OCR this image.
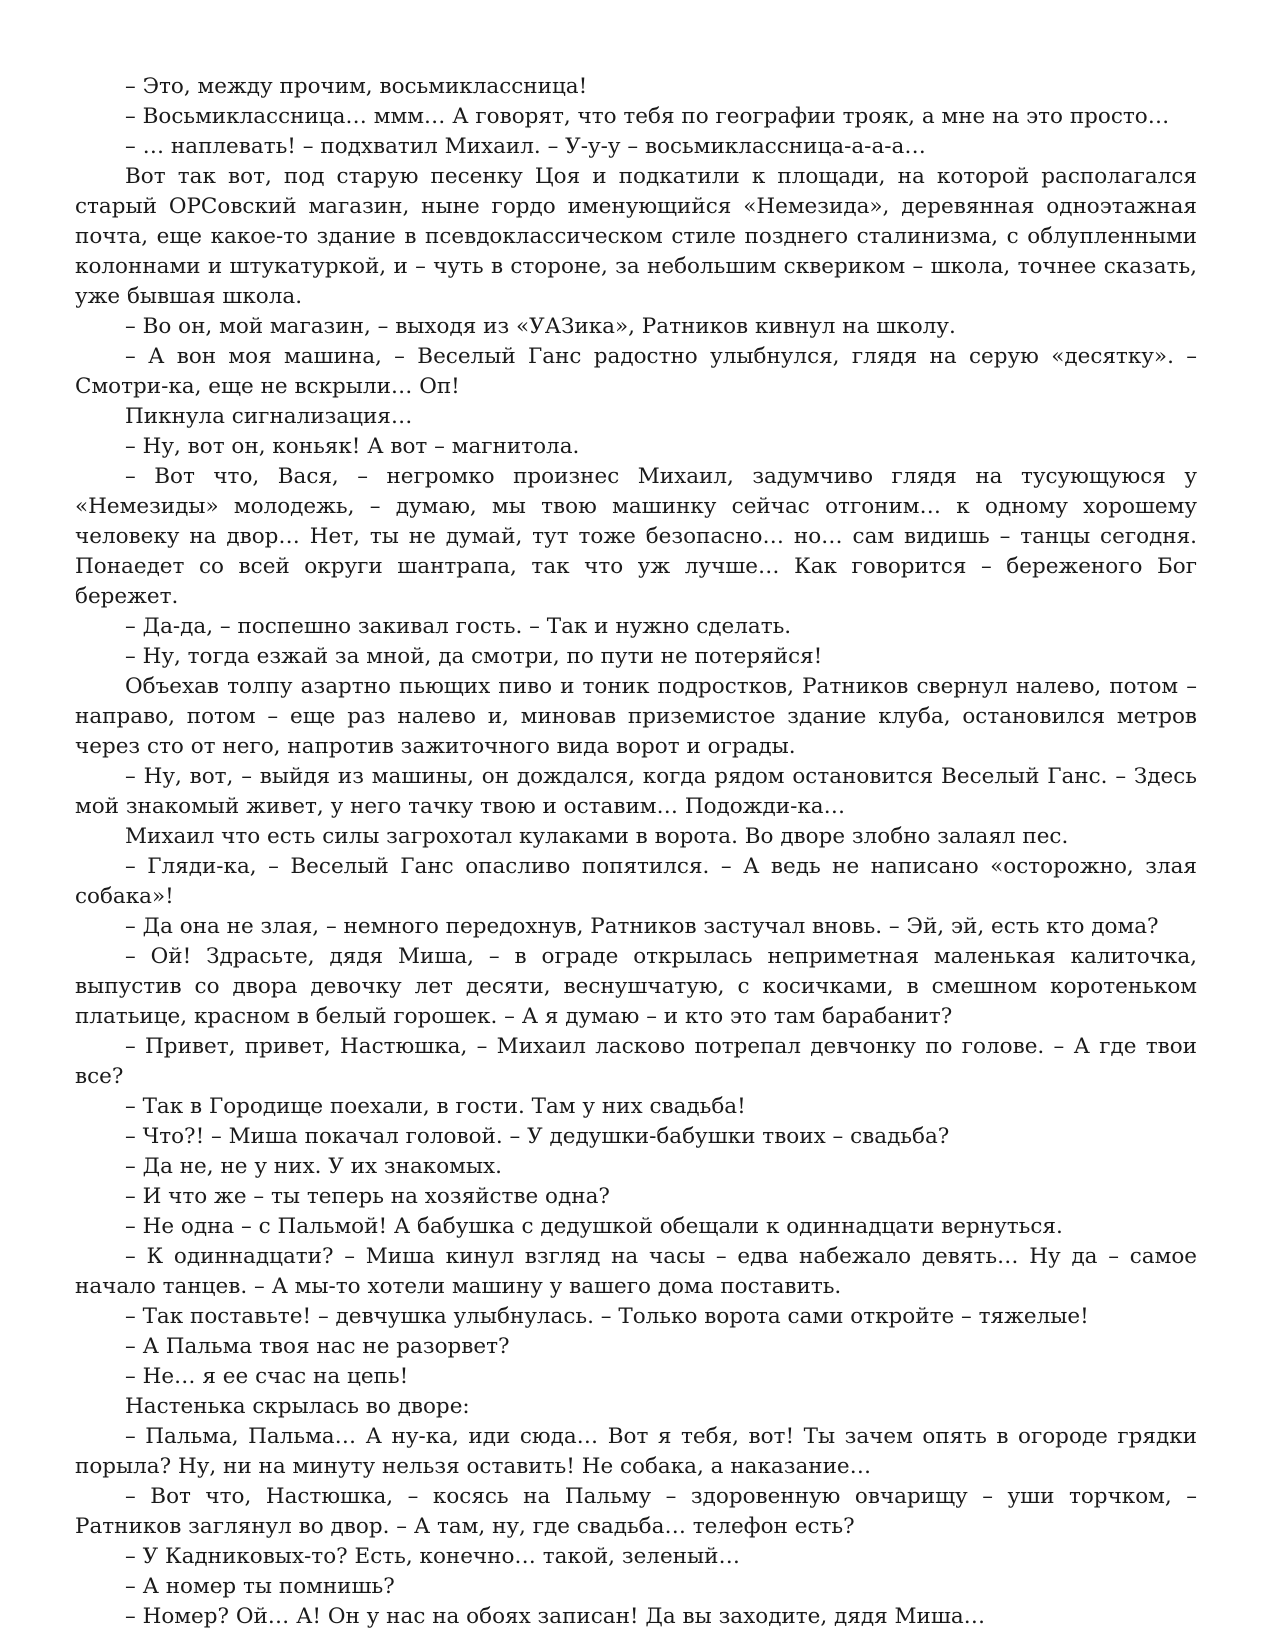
– Это, между прочим, восьмиклассница!

– Восьмиклассница… ммм… А говорят, что тебя по географии трояк, а мне на это просто…

– … наплевать! – подхватил Михаил. – У-у-у – восьмиклассница-а-а-а…

Вот так вот, под старую песенку Цоя и подкатили к площади, на которой располагался старый ОРСовский магазин, ныне гордо именующийся «Немезида», деревянная одноэтажная почта, еще какое-то здание в псевдоклассическом стиле позднего сталинизма, с облупленными колоннами и штукатуркой, и – чуть в стороне, за небольшим сквериком – школа, точнее сказать, уже бывшая школа.

– Во он, мой магазин, – выходя из «УАЗика», Ратников кивнул на школу.

– А вон моя машина, – Веселый Ганс радостно улыбнулся, глядя на серую «десятку». – Смотри-ка, еще не вскрыли… Оп!

Пикнула сигнализация…

– Ну, вот он, коньяк! А вот – магнитола.

– Вот что, Вася, – негромко произнес Михаил, задумчиво глядя на тусующуюся у «Немезиды» молодежь, – думаю, мы твою машинку сейчас отгоним… к одному хорошему человеку на двор… Нет, ты не думай, тут тоже безопасно… но… сам видишь – танцы сегодня. Понаедет со всей округи шантрапа, так что уж лучше… Как говорится – береженого Бог бережет.

– Да-да, – поспешно закивал гость. – Так и нужно сделать.

– Ну, тогда езжай за мной, да смотри, по пути не потеряйся!

Объехав толпу азартно пьющих пиво и тоник подростков, Ратников свернул налево, потом – направо, потом – еще раз налево и, миновав приземистое здание клуба, остановился метров через сто от него, напротив зажиточного вида ворот и ограды.

– Ну, вот, – выйдя из машины, он дождался, когда рядом остановится Веселый Ганс. – Здесь мой знакомый живет, у него тачку твою и оставим… Подожди-ка…

Михаил что есть силы загрохотал кулаками в ворота. Во дворе злобно залаял пес.

– Гляди-ка, – Веселый Ганс опасливо попятился. – А ведь не написано «осторожно, злая собака»!

– Да она не злая, – немного передохнув, Ратников застучал вновь. – Эй, эй, есть кто дома?

– Ой! Здрасьте, дядя Миша, – в ограде открылась неприметная маленькая калиточка, выпустив со двора девочку лет десяти, веснушчатую, с косичками, в смешном коротеньком платьице, красном в белый горошек. – А я думаю – и кто это там барабанит?

– Привет, привет, Настюшка, – Михаил ласково потрепал девчонку по голове. – А где твои все?

– Так в Городище поехали, в гости. Там у них свадьба!

– Что?! – Миша покачал головой. – У дедушки-бабушки твоих – свадьба?

– Да не, не у них. У их знакомых.

– И что же – ты теперь на хозяйстве одна?

– Не одна – с Пальмой! А бабушка с дедушкой обещали к одиннадцати вернуться.

– К одиннадцати? – Миша кинул взгляд на часы – едва набежало девять… Ну да – самое начало танцев. – А мы-то хотели машину у вашего дома поставить.

– Так поставьте! – девчушка улыбнулась. – Только ворота сами откройте – тяжелые!

– А Пальма твоя нас не разорвет?

– Не… я ее счас на цепь!

Настенька скрылась во дворе:

– Пальма, Пальма… А ну-ка, иди сюда… Вот я тебя, вот! Ты зачем опять в огороде грядки порыла? Ну, ни на минуту нельзя оставить! Не собака, а наказание…

– Вот что, Настюшка, – косясь на Пальму – здоровенную овчарищу – уши торчком, – Ратников заглянул во двор. – А там, ну, где свадьба… телефон есть?

– У Кадниковых-то? Есть, конечно… такой, зеленый…

– А номер ты помнишь?

– Номер? Ой… А! Он у нас на обоях записан! Да вы заходите, дядя Миша…
